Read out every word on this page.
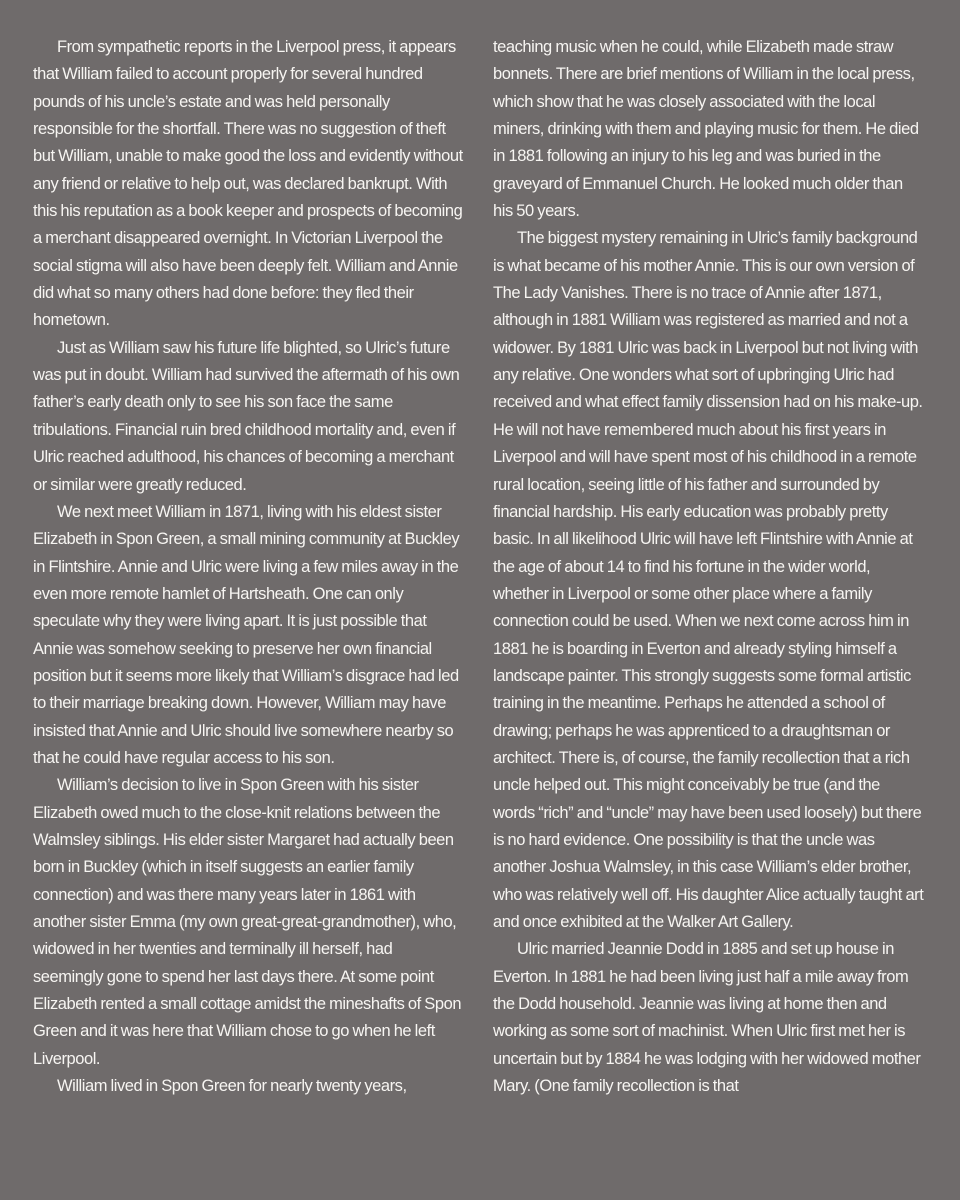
From sympathetic reports in the Liverpool press, it appears that William failed to account properly for several hundred pounds of his uncle’s estate and was held personally responsible for the shortfall. There was no suggestion of theft but William, unable to make good the loss and evidently without any friend or relative to help out, was declared bankrupt. With this his reputation as a book keeper and prospects of becoming a merchant disappeared overnight. In Victorian Liverpool the social stigma will also have been deeply felt. William and Annie did what so many others had done before: they fled their hometown.

Just as William saw his future life blighted, so Ulric’s future was put in doubt. William had survived the aftermath of his own father’s early death only to see his son face the same tribulations. Financial ruin bred childhood mortality and, even if Ulric reached adulthood, his chances of becoming a merchant or similar were greatly reduced.

We next meet William in 1871, living with his eldest sister Elizabeth in Spon Green, a small mining community at Buckley in Flintshire. Annie and Ulric were living a few miles away in the even more remote hamlet of Hartsheath. One can only speculate why they were living apart. It is just possible that Annie was somehow seeking to preserve her own financial position but it seems more likely that William’s disgrace had led to their marriage breaking down. However, William may have insisted that Annie and Ulric should live somewhere nearby so that he could have regular access to his son.

William’s decision to live in Spon Green with his sister Elizabeth owed much to the close-knit relations between the Walmsley siblings. His elder sister Margaret had actually been born in Buckley (which in itself suggests an earlier family connection) and was there many years later in 1861 with another sister Emma (my own great-great-grandmother), who, widowed in her twenties and terminally ill herself, had seemingly gone to spend her last days there. At some point Elizabeth rented a small cottage amidst the mineshafts of Spon Green and it was here that William chose to go when he left Liverpool.

William lived in Spon Green for nearly twenty years,

teaching music when he could, while Elizabeth made straw bonnets. There are brief mentions of William in the local press, which show that he was closely associated with the local miners, drinking with them and playing music for them. He died in 1881 following an injury to his leg and was buried in the graveyard of Emmanuel Church. He looked much older than his 50 years.

The biggest mystery remaining in Ulric’s family background is what became of his mother Annie. This is our own version of The Lady Vanishes. There is no trace of Annie after 1871, although in 1881 William was registered as married and not a widower. By 1881 Ulric was back in Liverpool but not living with any relative. One wonders what sort of upbringing Ulric had received and what effect family dissension had on his make-up. He will not have remembered much about his first years in Liverpool and will have spent most of his childhood in a remote rural location, seeing little of his father and surrounded by financial hardship. His early education was probably pretty basic. In all likelihood Ulric will have left Flintshire with Annie at the age of about 14 to find his fortune in the wider world, whether in Liverpool or some other place where a family connection could be used. When we next come across him in 1881 he is boarding in Everton and already styling himself a landscape painter. This strongly suggests some formal artistic training in the meantime. Perhaps he attended a school of drawing; perhaps he was apprenticed to a draughtsman or architect. There is, of course, the family recollection that a rich uncle helped out. This might conceivably be true (and the words “rich” and “uncle” may have been used loosely) but there is no hard evidence. One possibility is that the uncle was another Joshua Walmsley, in this case William’s elder brother, who was relatively well off. His daughter Alice actually taught art and once exhibited at the Walker Art Gallery.

Ulric married Jeannie Dodd in 1885 and set up house in Everton. In 1881 he had been living just half a mile away from the Dodd household. Jeannie was living at home then and working as some sort of machinist. When Ulric first met her is uncertain but by 1884 he was lodging with her widowed mother Mary. (One family recollection is that
